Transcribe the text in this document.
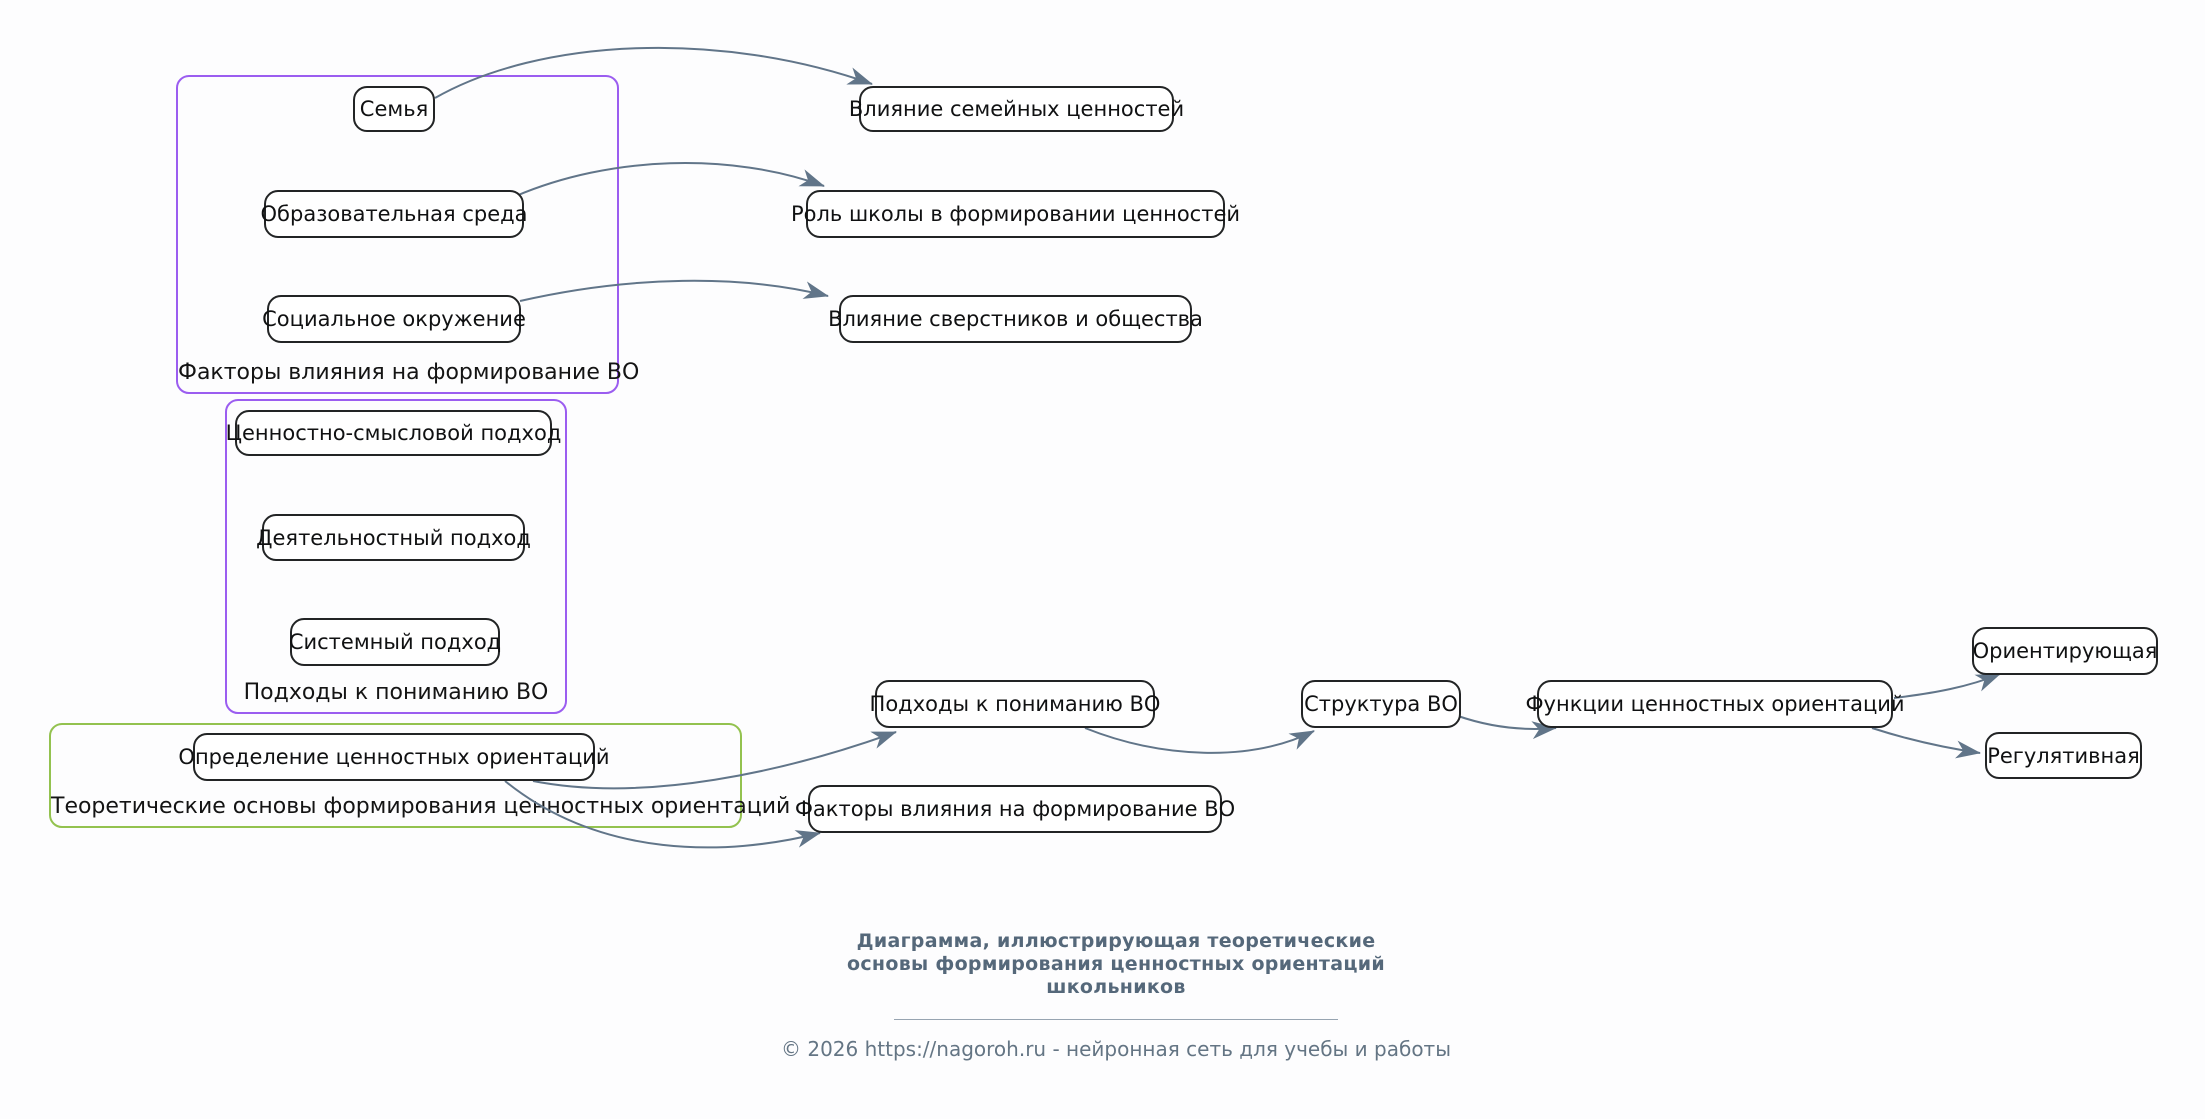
Факторы влияния на формирование ВО
Подходы к пониманию ВО
Теоретические основы формирования ценностных ориентаций
Семья
Образовательная среда
Социальное окружение
Влияние семейных ценностей
Роль школы в формировании ценностей
Влияние сверстников и общества
Ценностно-смысловой подход
Деятельностный подход
Системный подход
Определение ценностных ориентаций
Подходы к пониманию ВО
Факторы влияния на формирование ВО
Структура ВО	Функции ценностных ориентаций
Ориентирующая
Регулятивная
Диаграмма, иллюстрирующая теоретические
основы формирования ценностных ориентаций
школьников
© 2026 https://nagoroh.ru - нейронная сеть для учебы и работы
